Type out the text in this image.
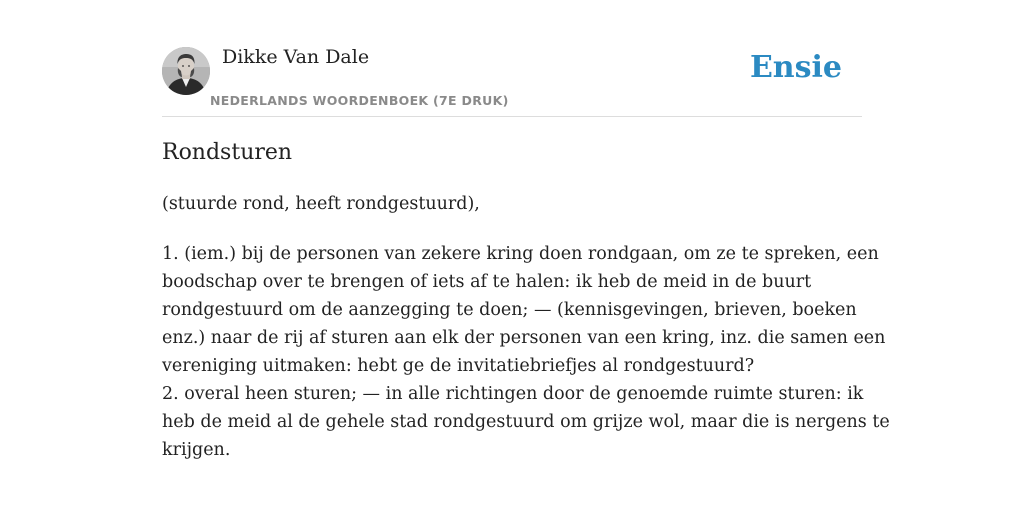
Dikke Van Dale
NEDERLANDS WOORDENBOEK (7E DRUK)
Ensie
Rondsturen

(stuurde rond, heeft rondgestuurd),

1. (iem.) bij de personen van zekere kring doen rondgaan, om ze te spreken, een
boodschap over te brengen of iets af te halen: ik heb de meid in de buurt
rondgestuurd om de aanzegging te doen; — (kennisgevingen, brieven, boeken
enz.) naar de rij af sturen aan elk der personen van een kring, inz. die samen een
vereniging uitmaken: hebt ge de invitatiebriefjes al rondgestuurd?
2. overal heen sturen; — in alle richtingen door de genoemde ruimte sturen: ik
heb de meid al de gehele stad rondgestuurd om grijze wol, maar die is nergens te
krijgen.
